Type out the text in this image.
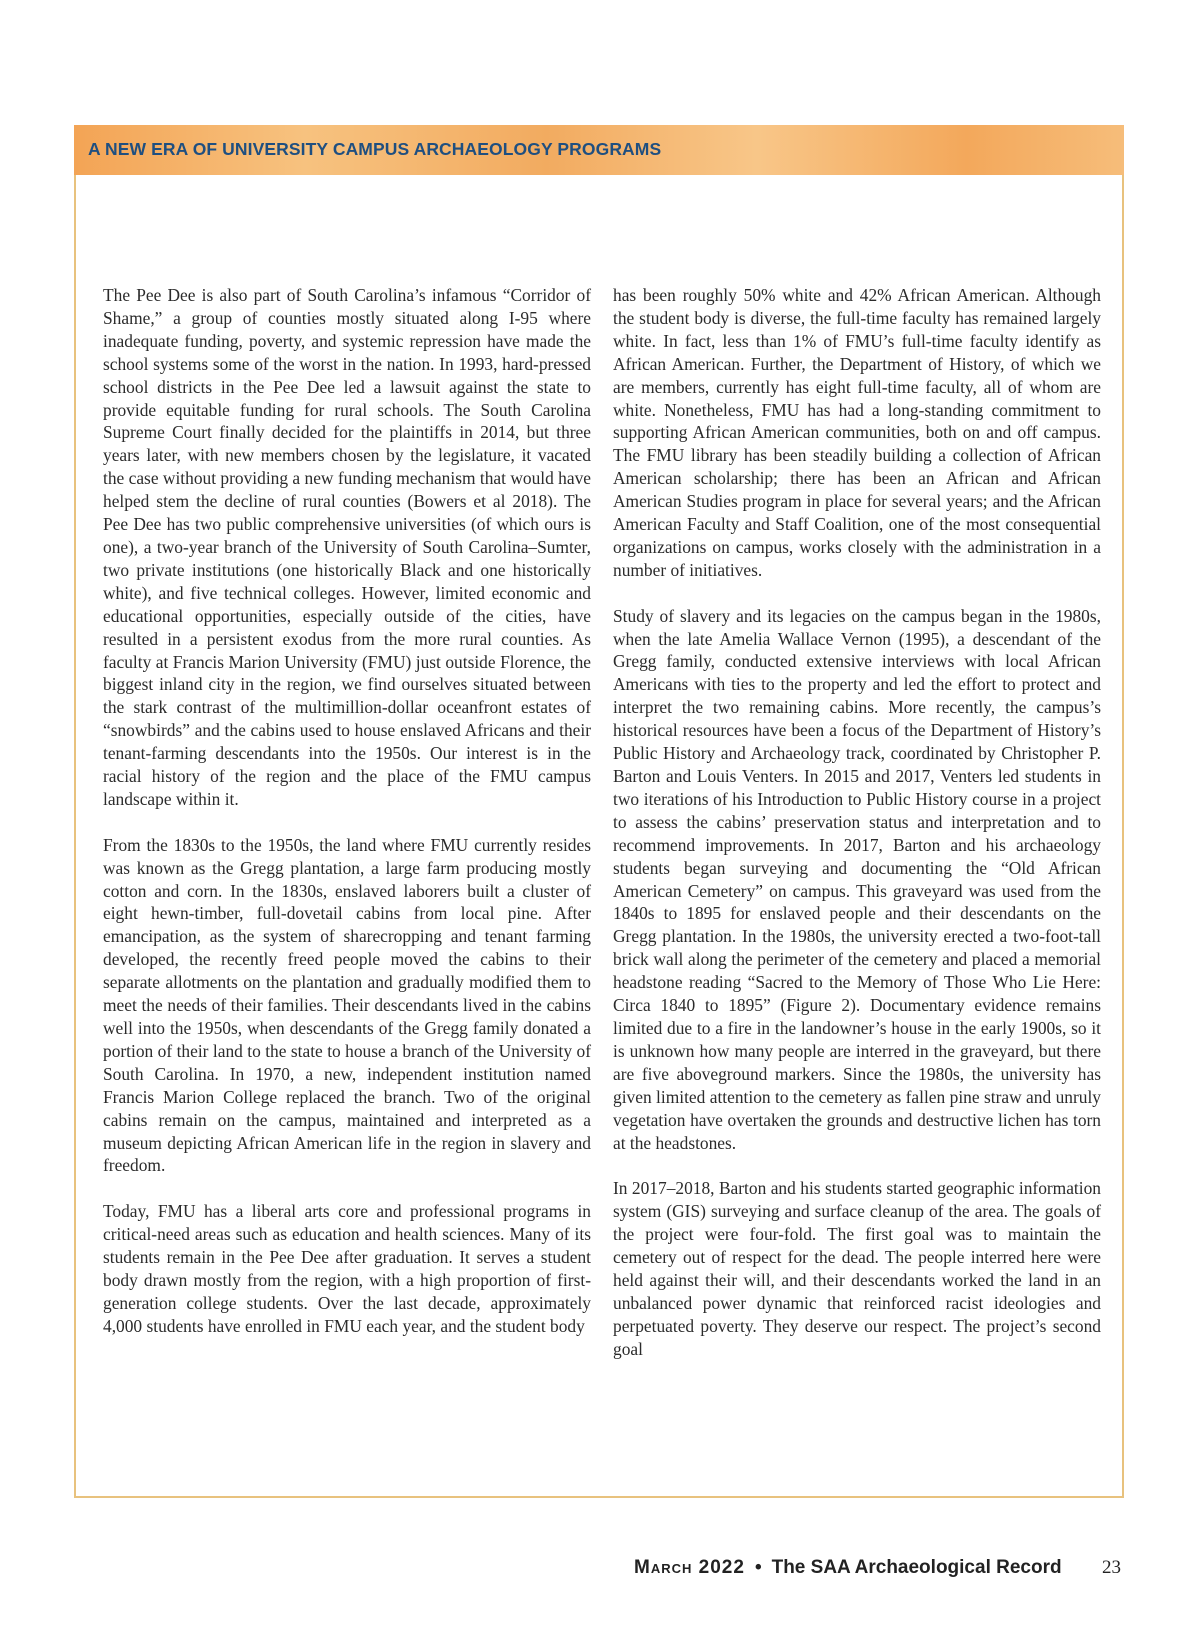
A NEW ERA OF UNIVERSITY CAMPUS ARCHAEOLOGY PROGRAMS

The Pee Dee is also part of South Carolina’s infamous “Corridor of Shame,” a group of counties mostly situated along I-95 where inadequate funding, poverty, and systemic repression have made the school systems some of the worst in the nation. In 1993, hard-pressed school districts in the Pee Dee led a lawsuit against the state to provide equitable funding for rural schools. The South Carolina Supreme Court finally decided for the plaintiffs in 2014, but three years later, with new members chosen by the legislature, it vacated the case without providing a new funding mechanism that would have helped stem the decline of rural counties (Bowers et al 2018). The Pee Dee has two public comprehensive universities (of which ours is one), a two-year branch of the University of South Carolina–Sumter, two private institutions (one historically Black and one historically white), and five technical colleges. However, limited economic and educational opportunities, especially outside of the cities, have resulted in a persistent exodus from the more rural counties. As faculty at Francis Marion University (FMU) just outside Florence, the biggest inland city in the region, we find ourselves situated between the stark contrast of the multimillion-dollar oceanfront estates of “snowbirds” and the cabins used to house enslaved Africans and their tenant-farming descendants into the 1950s. Our interest is in the racial history of the region and the place of the FMU campus landscape within it.

From the 1830s to the 1950s, the land where FMU currently resides was known as the Gregg plantation, a large farm producing mostly cotton and corn. In the 1830s, enslaved laborers built a cluster of eight hewn-timber, full-dovetail cabins from local pine. After emancipation, as the system of sharecropping and tenant farming developed, the recently freed people moved the cabins to their separate allotments on the plantation and gradually modified them to meet the needs of their families. Their descendants lived in the cabins well into the 1950s, when descendants of the Gregg family donated a portion of their land to the state to house a branch of the University of South Carolina. In 1970, a new, independent institution named Francis Marion College replaced the branch. Two of the original cabins remain on the campus, maintained and interpreted as a museum depicting African American life in the region in slavery and freedom.

Today, FMU has a liberal arts core and professional programs in critical-need areas such as education and health sciences. Many of its students remain in the Pee Dee after graduation. It serves a student body drawn mostly from the region, with a high proportion of first-generation college students. Over the last decade, approximately 4,000 students have enrolled in FMU each year, and the student body

has been roughly 50% white and 42% African American. Although the student body is diverse, the full-time faculty has remained largely white. In fact, less than 1% of FMU’s full-time faculty identify as African American. Further, the Department of History, of which we are members, currently has eight full-time faculty, all of whom are white. Nonetheless, FMU has had a long-standing commitment to supporting African American communities, both on and off campus. The FMU library has been steadily building a collection of African American scholarship; there has been an African and African American Studies program in place for several years; and the African American Faculty and Staff Coalition, one of the most consequential organizations on campus, works closely with the administration in a number of initiatives.

Study of slavery and its legacies on the campus began in the 1980s, when the late Amelia Wallace Vernon (1995), a descendant of the Gregg family, conducted extensive interviews with local African Americans with ties to the property and led the effort to protect and interpret the two remaining cabins. More recently, the campus’s historical resources have been a focus of the Department of History’s Public History and Archaeology track, coordinated by Christopher P. Barton and Louis Venters. In 2015 and 2017, Venters led students in two iterations of his Introduction to Public History course in a project to assess the cabins’ preservation status and interpretation and to recommend improvements. In 2017, Barton and his archaeology students began surveying and documenting the “Old African American Cemetery” on campus. This graveyard was used from the 1840s to 1895 for enslaved people and their descendants on the Gregg plantation. In the 1980s, the university erected a two-foot-tall brick wall along the perimeter of the cemetery and placed a memorial headstone reading “Sacred to the Memory of Those Who Lie Here: Circa 1840 to 1895” (Figure 2). Documentary evidence remains limited due to a fire in the landowner’s house in the early 1900s, so it is unknown how many people are interred in the graveyard, but there are five aboveground markers. Since the 1980s, the university has given limited attention to the cemetery as fallen pine straw and unruly vegetation have overtaken the grounds and destructive lichen has torn at the headstones.

In 2017–2018, Barton and his students started geographic information system (GIS) surveying and surface cleanup of the area. The goals of the project were four-fold. The first goal was to maintain the cemetery out of respect for the dead. The people interred here were held against their will, and their descendants worked the land in an unbalanced power dynamic that reinforced racist ideologies and perpetuated poverty. They deserve our respect. The project’s second goal

March 2022 • The SAA Archaeological Record 23
